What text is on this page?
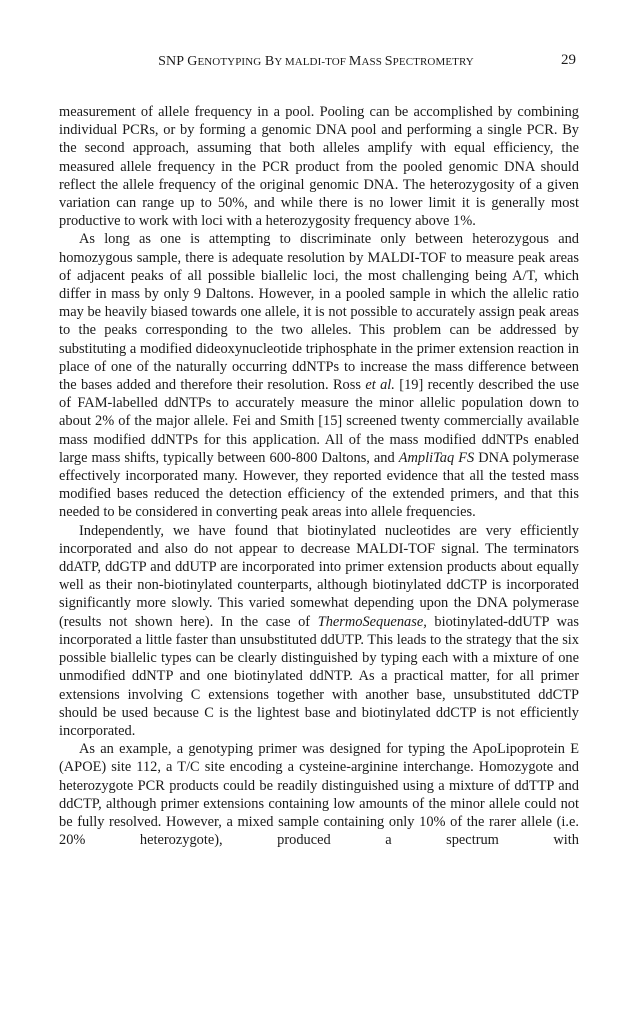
SNP GENOTYPING BY MALDI-TOF MASS SPECTROMETRY	29

measurement of allele frequency in a pool. Pooling can be accomplished by combining individual PCRs, or by forming a genomic DNA pool and performing a single PCR. By the second approach, assuming that both alleles amplify with equal efficiency, the measured allele frequency in the PCR product from the pooled genomic DNA should reflect the allele frequency of the original genomic DNA. The heterozygosity of a given variation can range up to 50%, and while there is no lower limit it is generally most productive to work with loci with a heterozygosity frequency above 1%.

As long as one is attempting to discriminate only between heterozygous and homozygous sample, there is adequate resolution by MALDI-TOF to measure peak areas of adjacent peaks of all possible biallelic loci, the most challenging being A/T, which differ in mass by only 9 Daltons. However, in a pooled sample in which the allelic ratio may be heavily biased towards one allele, it is not possible to accurately assign peak areas to the peaks corresponding to the two alleles. This problem can be addressed by substituting a modified dideoxynucleotide triphosphate in the primer extension reaction in place of one of the naturally occurring ddNTPs to increase the mass difference between the bases added and therefore their resolution. Ross et al. [19] recently described the use of FAM-labelled ddNTPs to accurately measure the minor allelic population down to about 2% of the major allele. Fei and Smith [15] screened twenty commercially available mass modified ddNTPs for this application. All of the mass modified ddNTPs enabled large mass shifts, typically between 600-800 Daltons, and AmpliTaq FS DNA polymerase effectively incorporated many. However, they reported evidence that all the tested mass modified bases reduced the detection efficiency of the extended primers, and that this needed to be considered in converting peak areas into allele frequencies.

Independently, we have found that biotinylated nucleotides are very efficiently incorporated and also do not appear to decrease MALDI-TOF signal. The terminators ddATP, ddGTP and ddUTP are incorporated into primer extension products about equally well as their non-biotinylated counterparts, although biotinylated ddCTP is incorporated significantly more slowly. This varied somewhat depending upon the DNA polymerase (results not shown here). In the case of ThermoSequenase, biotinylated-ddUTP was incorporated a little faster than unsubstituted ddUTP. This leads to the strategy that the six possible biallelic types can be clearly distinguished by typing each with a mixture of one unmodified ddNTP and one biotinylated ddNTP. As a practical matter, for all primer extensions involving C extensions together with another base, unsubstituted ddCTP should be used because C is the lightest base and biotinylated ddCTP is not efficiently incorporated.

As an example, a genotyping primer was designed for typing the ApoLipoprotein E (APOE) site 112, a T/C site encoding a cysteine-arginine interchange. Homozygote and heterozygote PCR products could be readily distinguished using a mixture of ddTTP and ddCTP, although primer extensions containing low amounts of the minor allele could not be fully resolved. However, a mixed sample containing only 10% of the rarer allele (i.e. 20% heterozygote), produced a spectrum with
